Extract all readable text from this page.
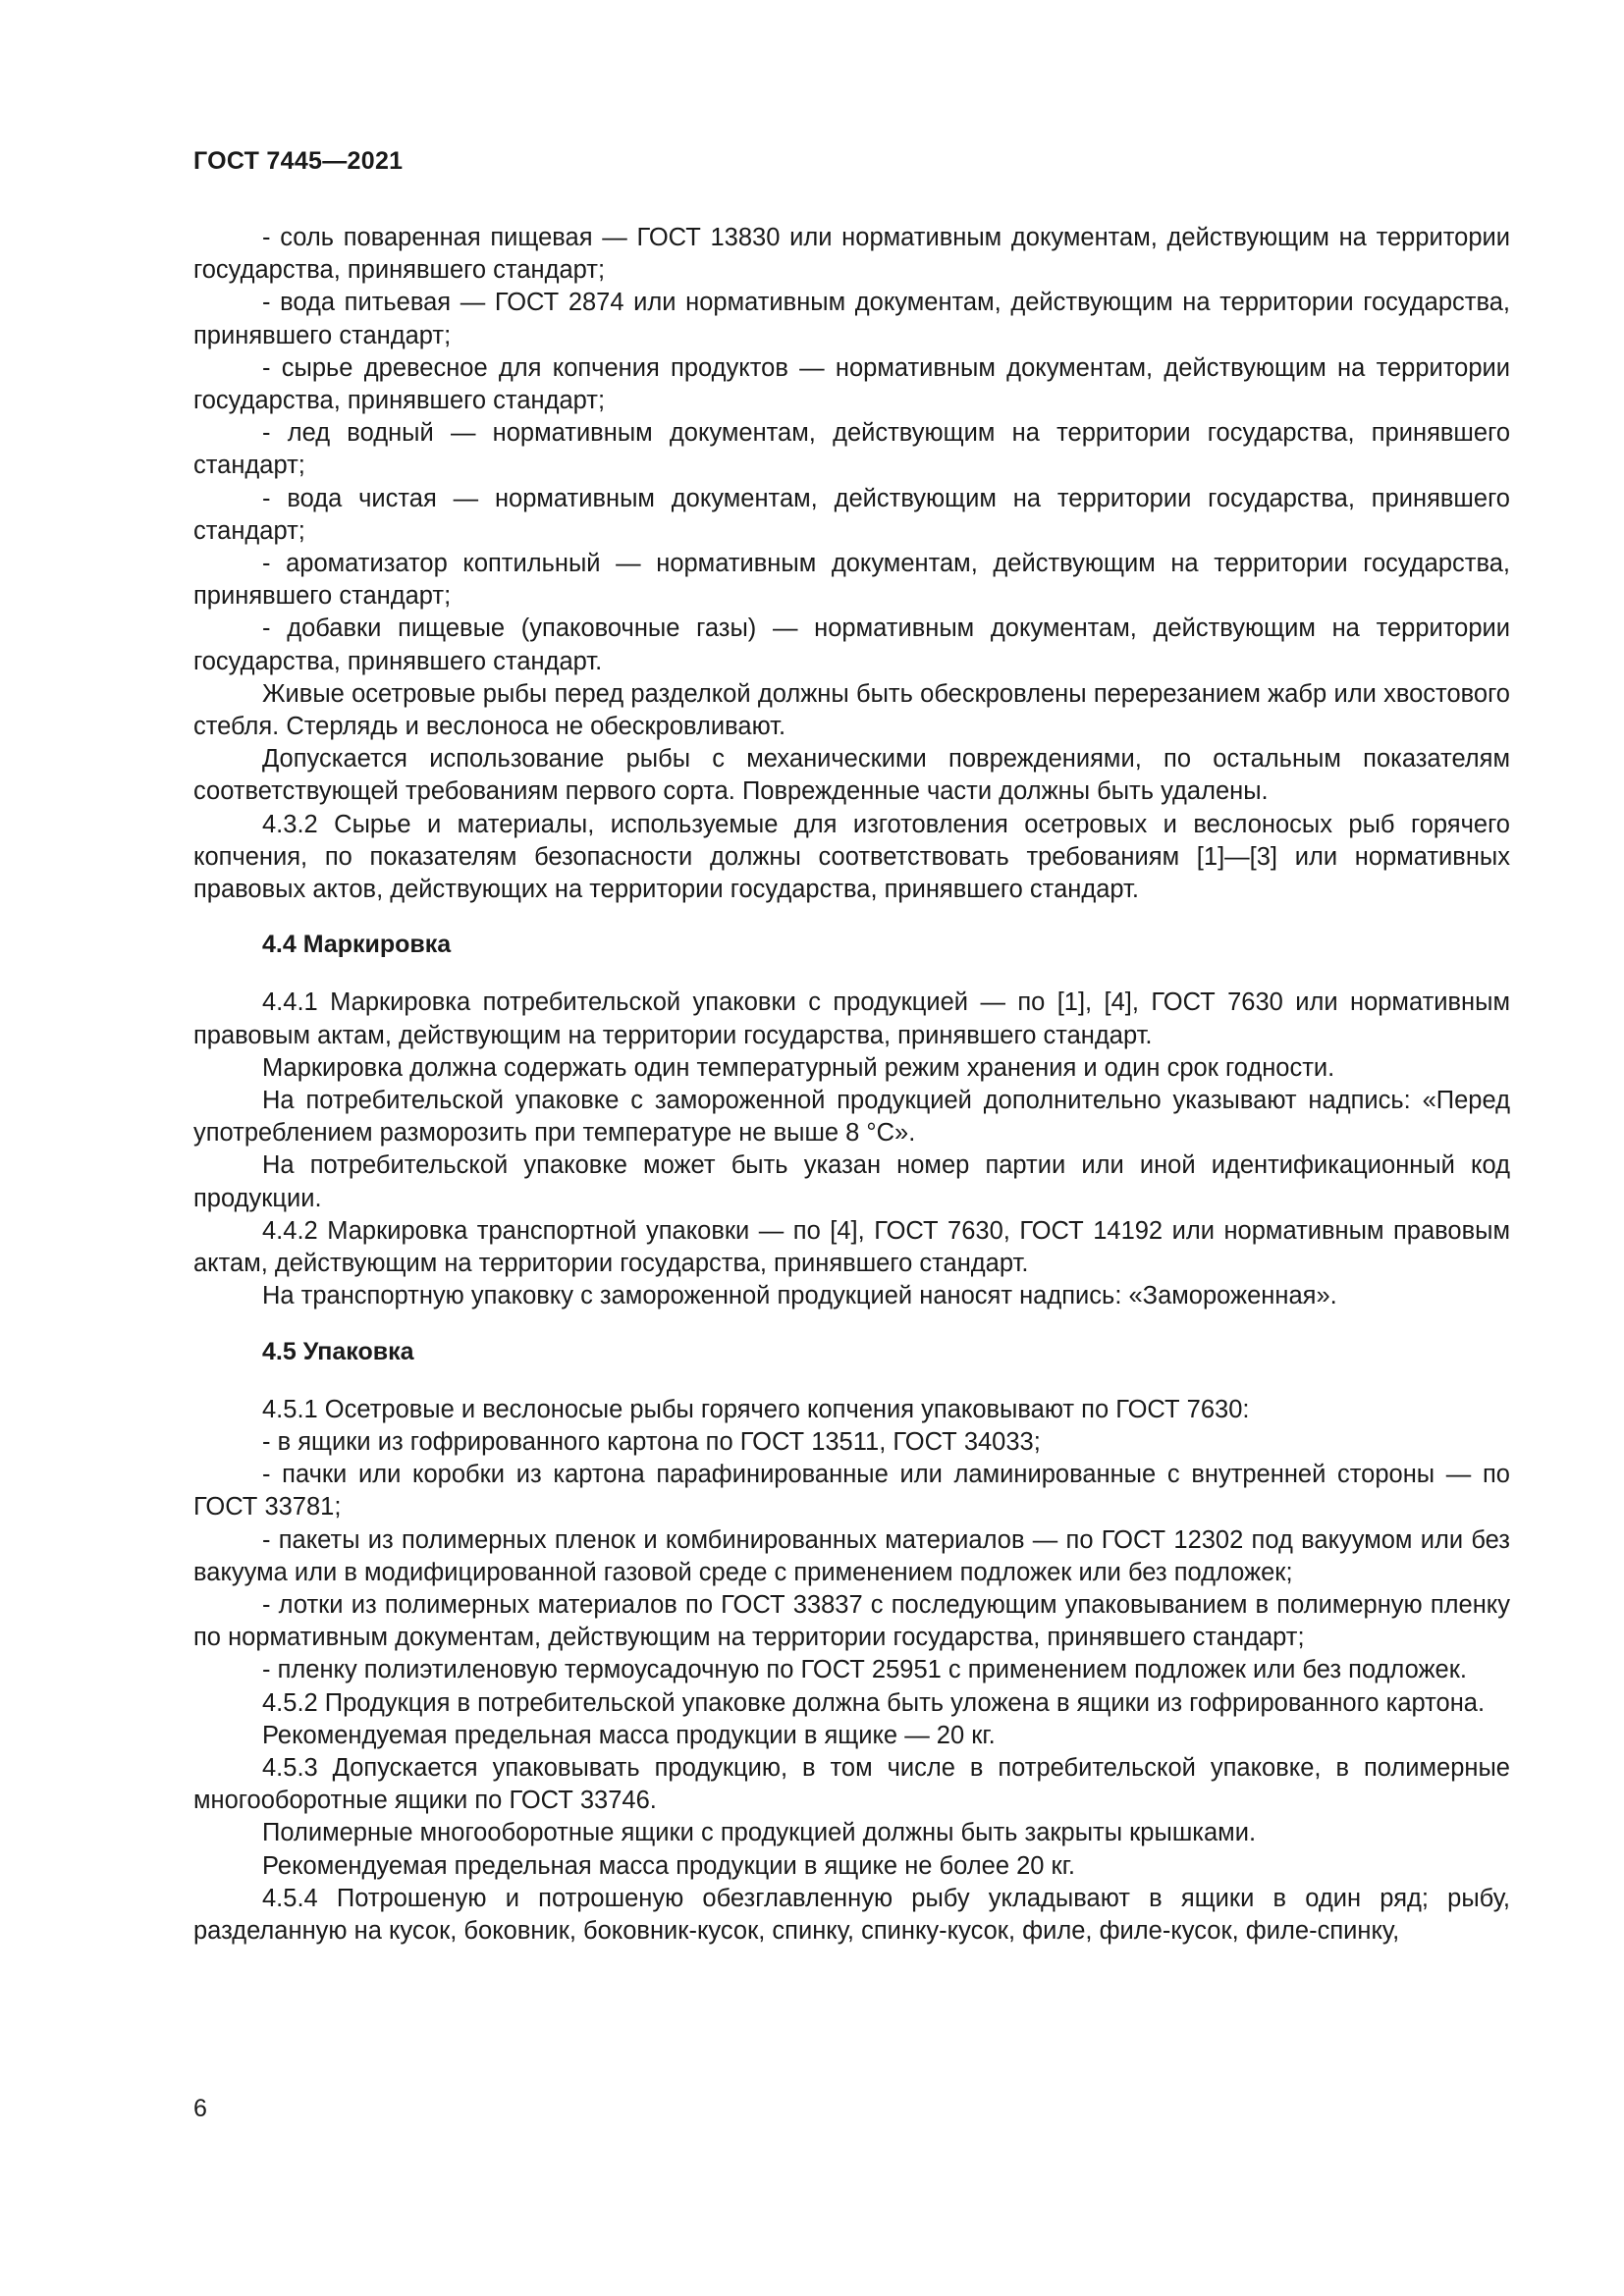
ГОСТ 7445—2021

- соль поваренная пищевая — ГОСТ 13830 или нормативным документам, действующим на территории государства, принявшего стандарт;

- вода питьевая — ГОСТ 2874 или нормативным документам, действующим на территории государства, принявшего стандарт;

- сырье древесное для копчения продуктов — нормативным документам, действующим на территории государства, принявшего стандарт;

- лед водный — нормативным документам, действующим на территории государства, принявшего стандарт;

- вода чистая — нормативным документам, действующим на территории государства, принявшего стандарт;

- ароматизатор коптильный — нормативным документам, действующим на территории государства, принявшего стандарт;

- добавки пищевые (упаковочные газы) — нормативным документам, действующим на территории государства, принявшего стандарт.

Живые осетровые рыбы перед разделкой должны быть обескровлены перерезанием жабр или хвостового стебля. Стерлядь и веслоноса не обескровливают.

Допускается использование рыбы с механическими повреждениями, по остальным показателям соответствующей требованиям первого сорта. Поврежденные части должны быть удалены.

4.3.2 Сырье и материалы, используемые для изготовления осетровых и веслоносых рыб горячего копчения, по показателям безопасности должны соответствовать требованиям [1]—[3] или нормативных правовых актов, действующих на территории государства, принявшего стандарт.

4.4 Маркировка

4.4.1 Маркировка потребительской упаковки с продукцией — по [1], [4], ГОСТ 7630 или нормативным правовым актам, действующим на территории государства, принявшего стандарт.

Маркировка должна содержать один температурный режим хранения и один срок годности.

На потребительской упаковке с замороженной продукцией дополнительно указывают надпись: «Перед употреблением разморозить при температуре не выше 8 °С».

На потребительской упаковке может быть указан номер партии или иной идентификационный код продукции.

4.4.2 Маркировка транспортной упаковки — по [4], ГОСТ 7630, ГОСТ 14192 или нормативным правовым актам, действующим на территории государства, принявшего стандарт.

На транспортную упаковку с замороженной продукцией наносят надпись: «Замороженная».

4.5 Упаковка

4.5.1 Осетровые и веслоносые рыбы горячего копчения упаковывают по ГОСТ 7630:

- в ящики из гофрированного картона по ГОСТ 13511, ГОСТ 34033;

- пачки или коробки из картона парафинированные или ламинированные с внутренней стороны — по ГОСТ 33781;

- пакеты из полимерных пленок и комбинированных материалов — по ГОСТ 12302 под вакуумом или без вакуума или в модифицированной газовой среде с применением подложек или без подложек;

- лотки из полимерных материалов по ГОСТ 33837 с последующим упаковыванием в полимерную пленку по нормативным документам, действующим на территории государства, принявшего стандарт;

- пленку полиэтиленовую термоусадочную по ГОСТ 25951 с применением подложек или без подложек.

4.5.2 Продукция в потребительской упаковке должна быть уложена в ящики из гофрированного картона.

Рекомендуемая предельная масса продукции в ящике — 20 кг.

4.5.3 Допускается упаковывать продукцию, в том числе в потребительской упаковке, в полимерные многооборотные ящики по ГОСТ 33746.

Полимерные многооборотные ящики с продукцией должны быть закрыты крышками.

Рекомендуемая предельная масса продукции в ящике не более 20 кг.

4.5.4 Потрошеную и потрошеную обезглавленную рыбу укладывают в ящики в один ряд; рыбу, разделанную на кусок, боковник, боковник-кусок, спинку, спинку-кусок, филе, филе-кусок, филе-спинку,

6
